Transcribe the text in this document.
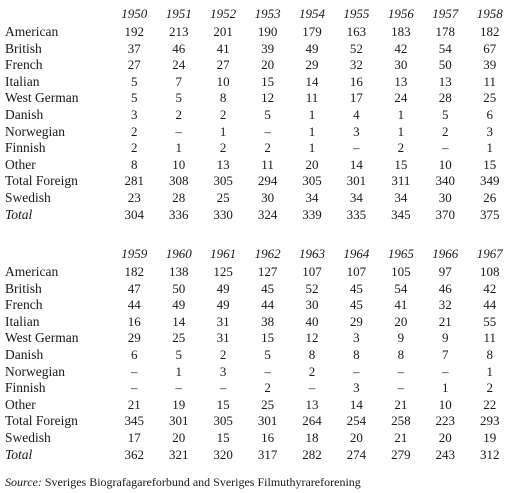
	1950	1951	1952	1953	1954	1955	1956	1957	1958
American	192	213	201	190	179	163	183	178	182
British	37	46	41	39	49	52	42	54	67
French	27	24	27	20	29	32	30	50	39
Italian	5	7	10	15	14	16	13	13	11
West German	5	5	8	12	11	17	24	28	25
Danish	3	2	2	5	1	4	1	5	6
Norwegian	2	–	1	–	1	3	1	2	3
Finnish	2	1	2	2	1	–	2	–	1
Other	8	10	13	11	20	14	15	10	15
Total Foreign	281	308	305	294	305	301	311	340	349
Swedish	23	28	25	30	34	34	34	30	26
Total	304	336	330	324	339	335	345	370	375
	1959	1960	1961	1962	1963	1964	1965	1966	1967
American	182	138	125	127	107	107	105	97	108
British	47	50	49	45	52	45	54	46	42
French	44	49	49	44	30	45	41	32	44
Italian	16	14	31	38	40	29	20	21	55
West German	29	25	31	15	12	3	9	9	11
Danish	6	5	2	5	8	8	8	7	8
Norwegian	–	1	3	–	2	–	–	–	1
Finnish	–	–	–	2	–	3	–	1	2
Other	21	19	15	25	13	14	21	10	22
Total Foreign	345	301	305	301	264	254	258	223	293
Swedish	17	20	15	16	18	20	21	20	19
Total	362	321	320	317	282	274	279	243	312
Source: Sveriges Biografagareforbund and Sveriges Filmuthyrareforening
